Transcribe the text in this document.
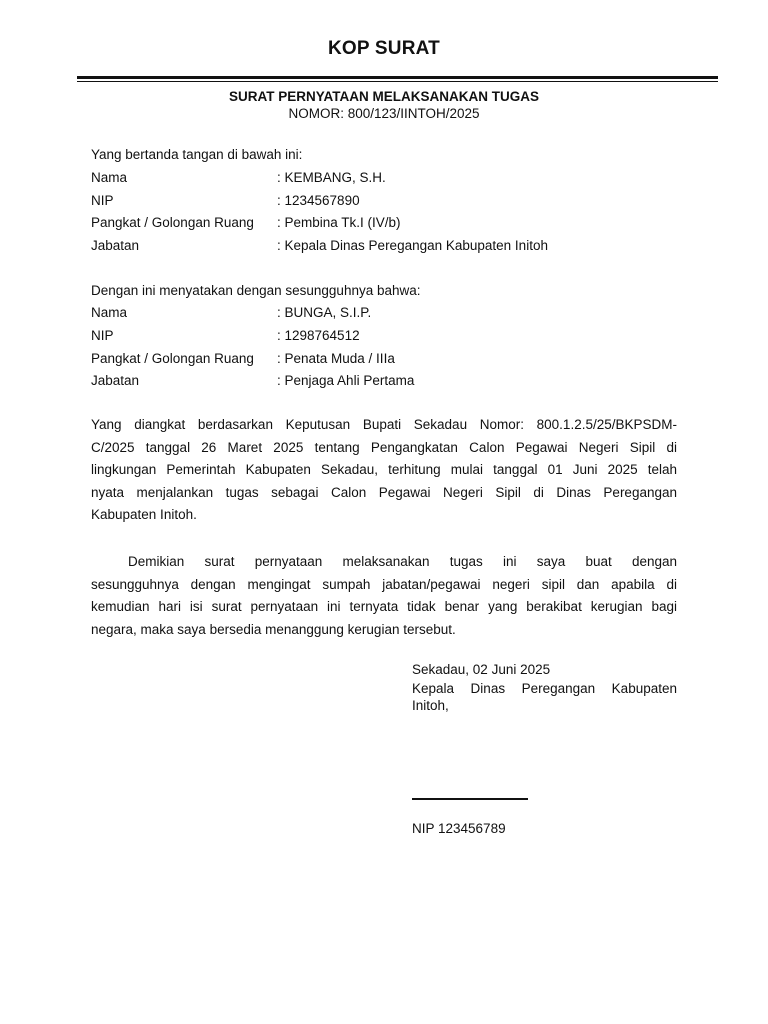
KOP SURAT
SURAT PERNYATAAN MELAKSANAKAN TUGAS
NOMOR: 800/123/IINTOH/2025
Yang bertanda tangan di bawah ini:
Nama	: KEMBANG, S.H.
NIP	: 1234567890
Pangkat / Golongan Ruang	: Pembina Tk.I (IV/b)
Jabatan	: Kepala Dinas Peregangan Kabupaten Initoh
Dengan ini menyatakan dengan sesungguhnya bahwa:
Nama	: BUNGA, S.I.P.
NIP	: 1298764512
Pangkat / Golongan Ruang	: Penata Muda / IIIa
Jabatan	: Penjaga Ahli Pertama
Yang diangkat berdasarkan Keputusan Bupati Sekadau Nomor: 800.1.2.5/25/BKPSDM-
C/2025 tanggal 26 Maret 2025 tentang Pengangkatan Calon Pegawai Negeri Sipil di
lingkungan Pemerintah Kabupaten Sekadau, terhitung mulai tanggal 01 Juni 2025 telah
nyata menjalankan tugas sebagai Calon Pegawai Negeri Sipil di Dinas Peregangan
Kabupaten Initoh.
Demikian surat pernyataan melaksanakan tugas ini saya buat dengan
sesungguhnya dengan mengingat sumpah jabatan/pegawai negeri sipil dan apabila di
kemudian hari isi surat pernyataan ini ternyata tidak benar yang berakibat kerugian bagi
negara, maka saya bersedia menanggung kerugian tersebut.
Sekadau, 02 Juni 2025
Kepala Dinas Peregangan Kabupaten
Initoh,
NIP 123456789
